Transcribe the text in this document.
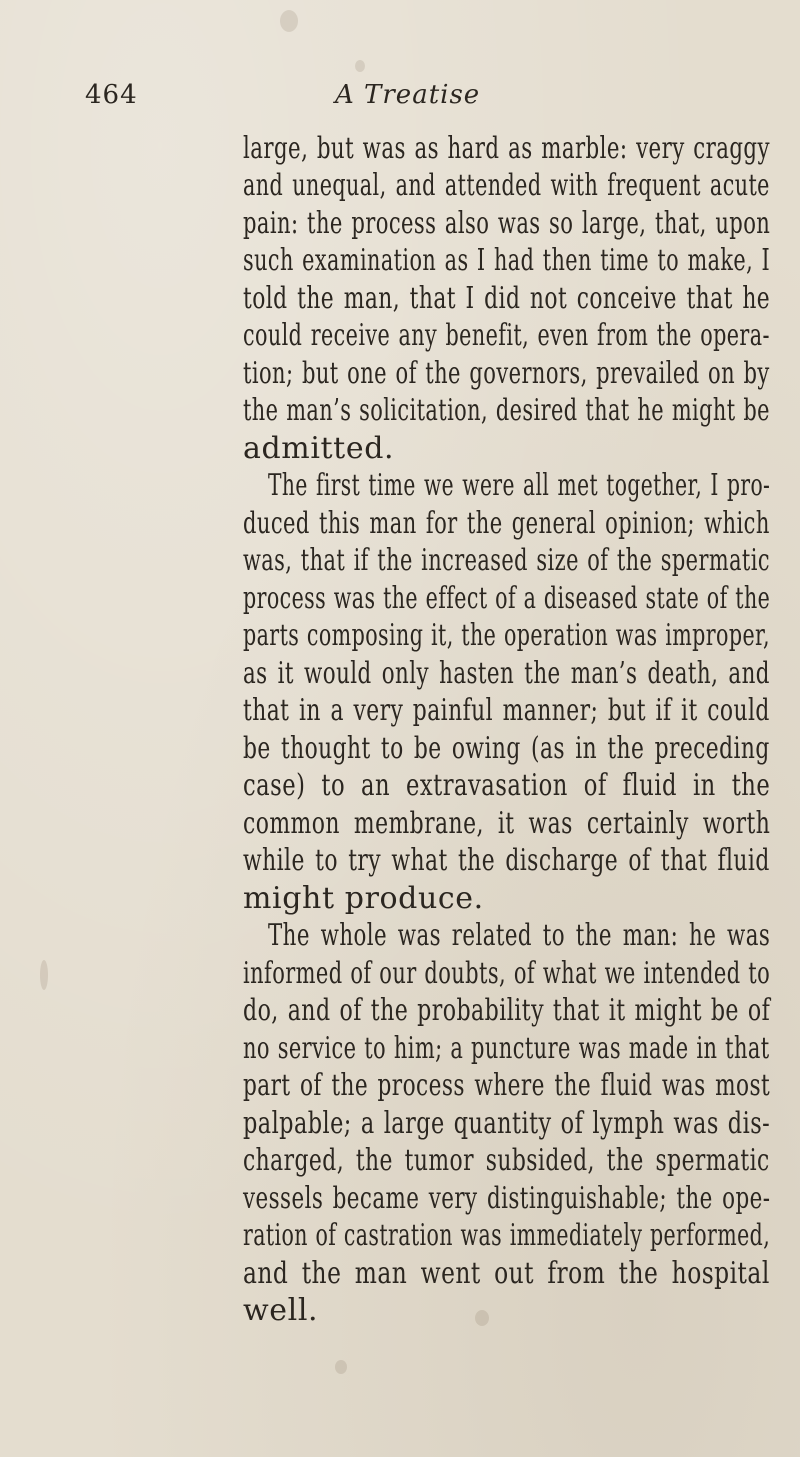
464	A Treatise
large, but was as hard as marble: very craggy
and unequal, and attended with frequent acute
pain: the process also was so large, that, upon
such examination as I had then time to make, I
told the man, that I did not conceive that he
could receive any benefit, even from the opera-
tion; but one of the governors, prevailed on by
the man’s solicitation, desired that he might be
admitted.
The first time we were all met together, I pro-
duced this man for the general opinion; which
was, that if the increased size of the spermatic
process was the effect of a diseased state of the
parts composing it, the operation was improper,
as it would only hasten the man’s death, and
that in a very painful manner; but if it could
be thought to be owing (as in the preceding
case) to an extravasation of fluid in the
common membrane, it was certainly worth
while to try what the discharge of that fluid
might produce.
The whole was related to the man: he was
informed of our doubts, of what we intended to
do, and of the probability that it might be of
no service to him; a puncture was made in that
part of the process where the fluid was most
palpable; a large quantity of lymph was dis-
charged, the tumor subsided, the spermatic
vessels became very distinguishable; the ope-
ration of castration was immediately performed,
and the man went out from the hospital
well.
